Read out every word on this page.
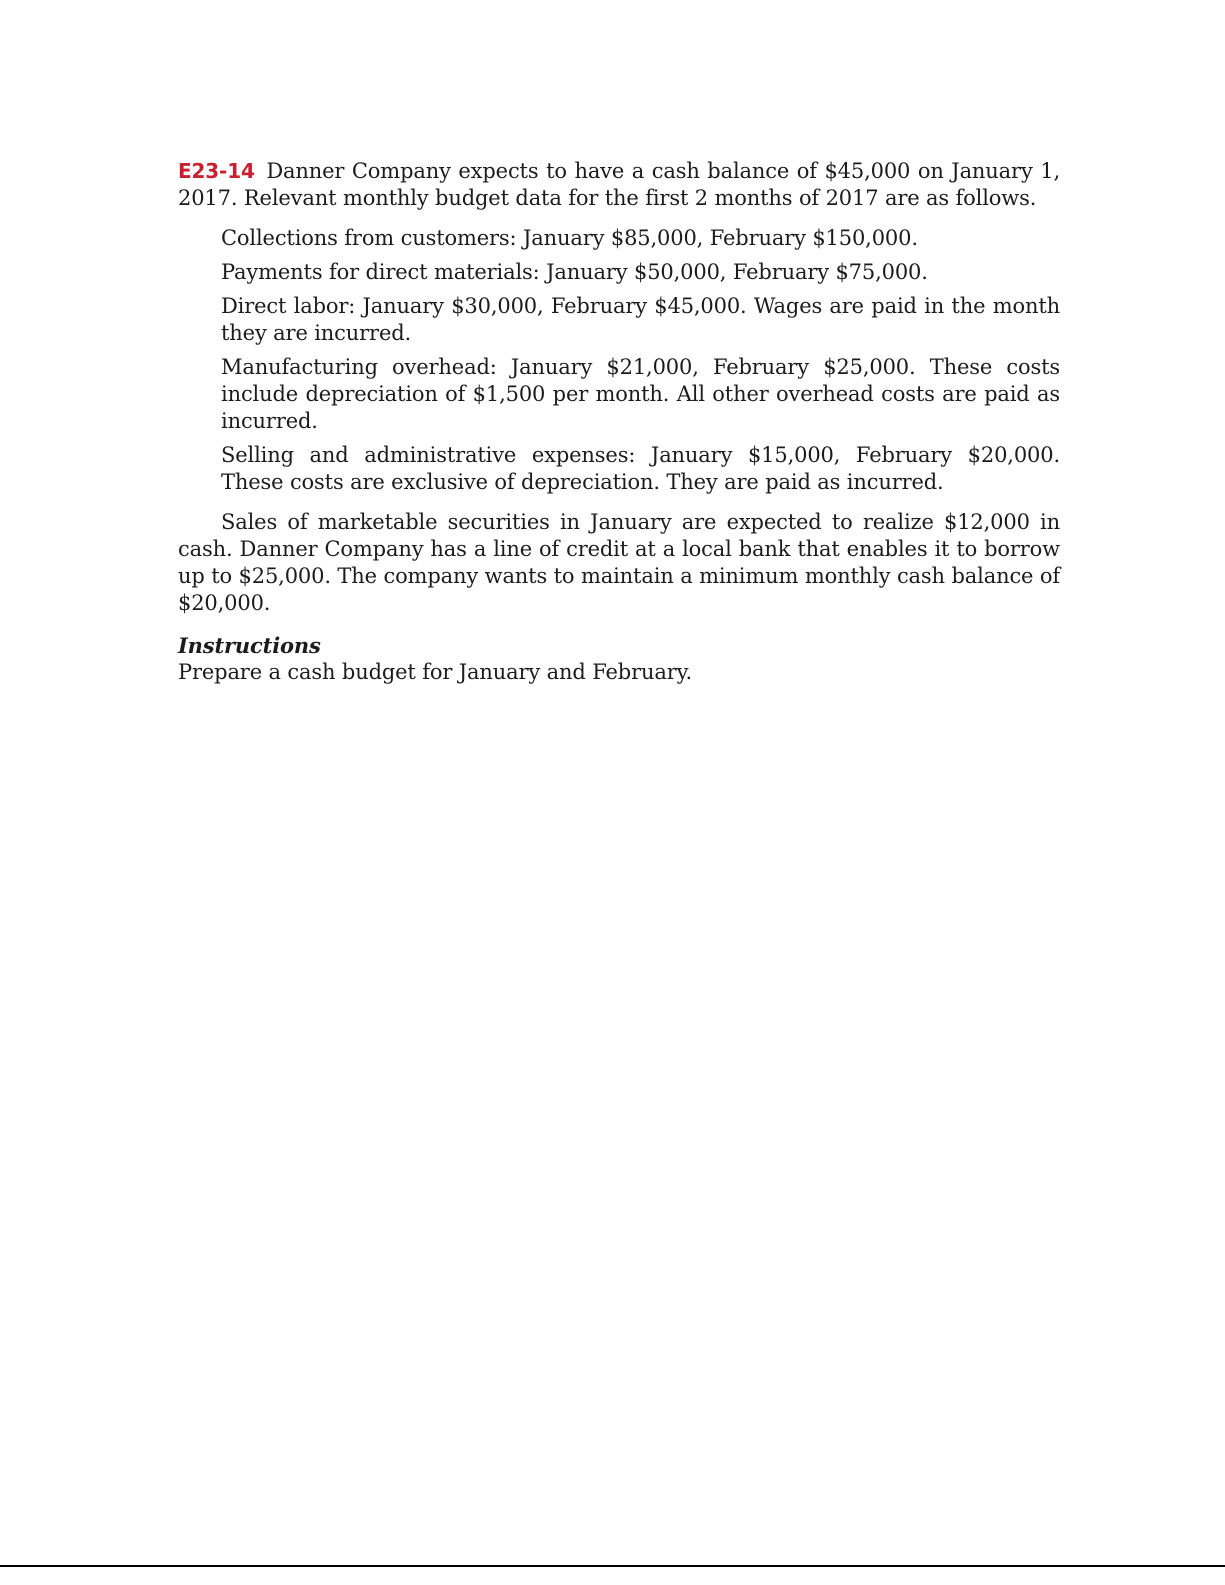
E23-14 Danner Company expects to have a cash balance of $45,000 on January 1, 2017. Relevant monthly budget data for the first 2 months of 2017 are as follows.

Collections from customers: January $85,000, February $150,000.
Payments for direct materials: January $50,000, February $75,000.
Direct labor: January $30,000, February $45,000. Wages are paid in the month they are incurred.
Manufacturing overhead: January $21,000, February $25,000. These costs include depreciation of $1,500 per month. All other overhead costs are paid as incurred.
Selling and administrative expenses: January $15,000, February $20,000. These costs are exclusive of depreciation. They are paid as incurred.

Sales of marketable securities in January are expected to realize $12,000 in cash. Danner Company has a line of credit at a local bank that enables it to borrow up to $25,000. The company wants to maintain a minimum monthly cash balance of $20,000.

Instructions

Prepare a cash budget for January and February.
